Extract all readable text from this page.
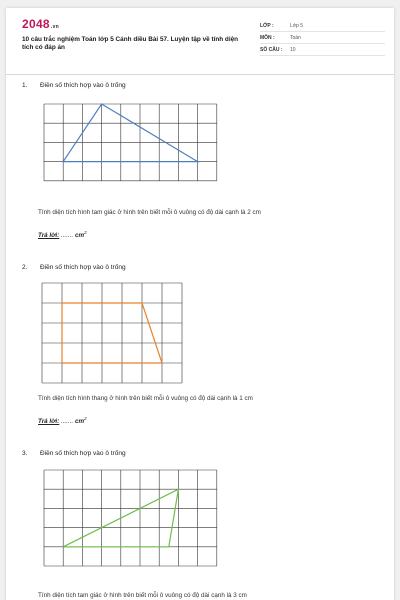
2048.vn
10 câu trắc nghiệm Toán lớp 5 Cánh diều Bài 57. Luyện tập về tính diện tích có đáp án
LỚP :	Lớp 5
MÔN :	Toán
SỐ CÂU :	10
1. Điền số thích hợp vào ô trống
Tính diện tích hình tam giác ở hình trên biết mỗi ô vuông có độ dài cạnh là 2 cm
Trả lời: ....... $cm^2$
2. Điền số thích hợp vào ô trống
Tính diện tích hình thang ở hình trên biết mỗi ô vuông có độ dài cạnh là 1 cm
Trả lời: ....... $cm^2$
3. Điền số thích hợp vào ô trống
Tính diện tích tam giác ở hình trên biết mỗi ô vuông có độ dài cạnh là 3 cm
